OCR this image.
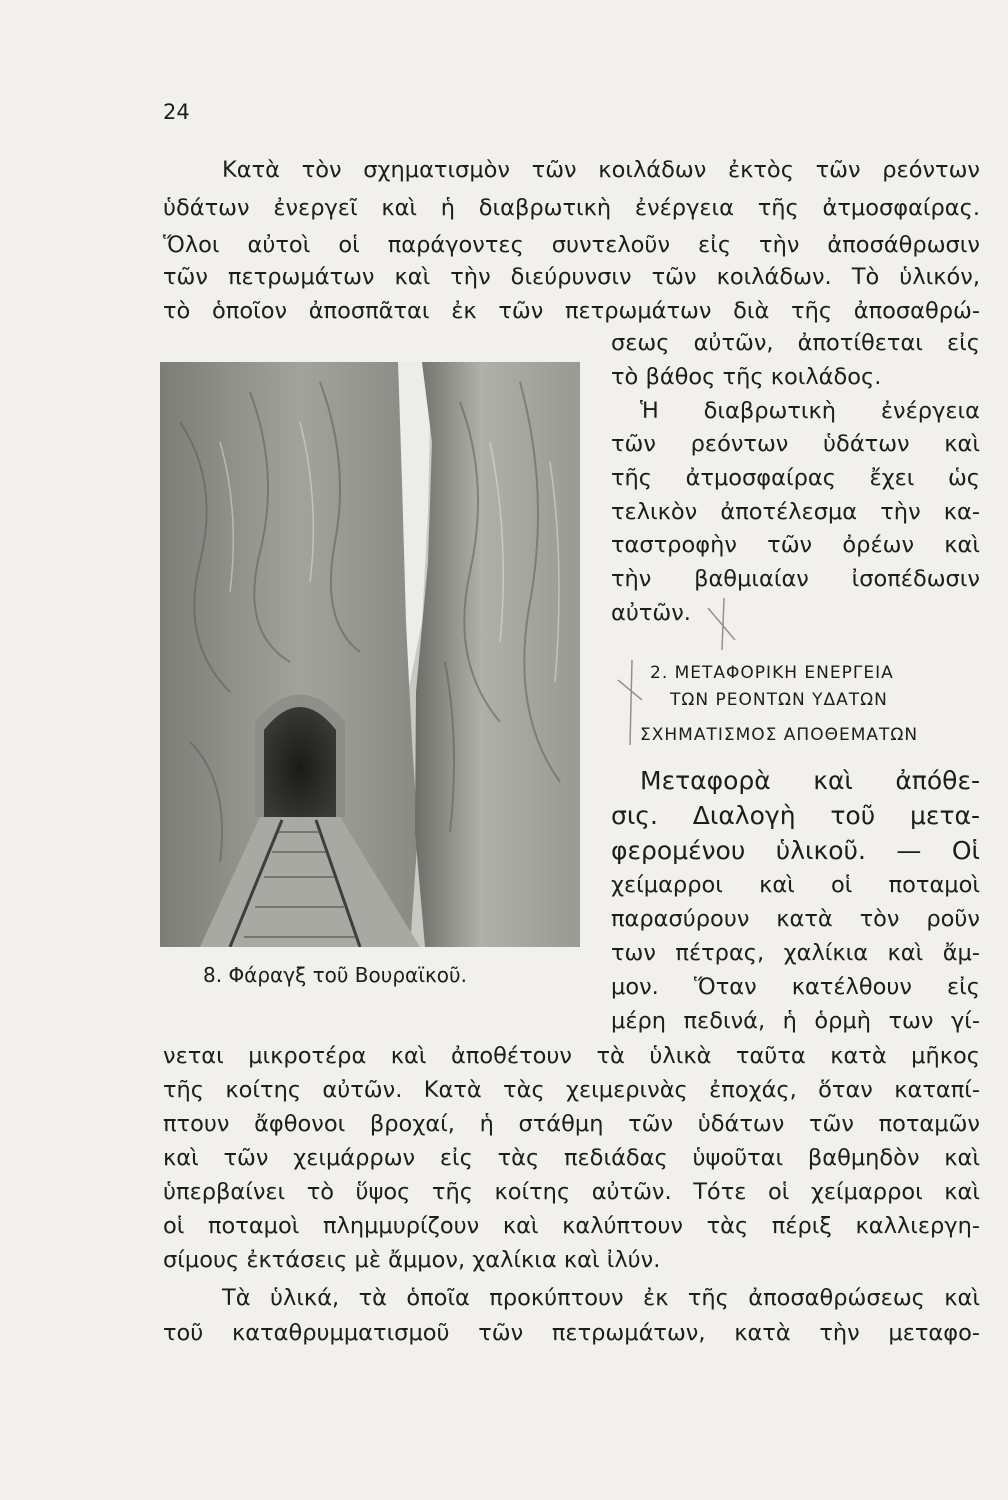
24
Κατὰ τὸν σχηματισμὸν τῶν κοιλάδων ἐκτὸς τῶν ρεόντων
ὑδάτων ἐνεργεῖ καὶ ἡ διαβρωτικὴ ἐνέργεια τῆς ἀτμοσφαίρας.
Ὅλοι αὐτοὶ οἱ παράγοντες συντελοῦν εἰς τὴν ἀποσάθρωσιν
τῶν πετρωμάτων καὶ τὴν διεύρυνσιν τῶν κοιλάδων. Τὸ ὑλικόν,
τὸ ὁποῖον ἀποσπᾶται ἐκ τῶν πετρωμάτων διὰ τῆς ἀποσαθρώ-
σεως αὐτῶν, ἀποτίθεται εἰς
τὸ βάθος τῆς κοιλάδος.
Ἡ διαβρωτικὴ ἐνέργεια
τῶν ρεόντων ὑδάτων καὶ
τῆς ἀτμοσφαίρας ἔχει ὡς
τελικὸν ἀποτέλεσμα τὴν κα-
ταστροφὴν τῶν ὀρέων καὶ
τὴν βαθμιαίαν ἰσοπέδωσιν
αὐτῶν.
2. ΜΕΤΑΦΟΡΙΚΗ ΕΝΕΡΓΕΙΑ
ΤΩΝ ΡΕΟΝΤΩΝ ΥΔΑΤΩΝ
ΣΧΗΜΑΤΙΣΜΟΣ ΑΠΟΘΕΜΑΤΩΝ
Μεταφορὰ καὶ ἀπόθε-
σις. Διαλογὴ τοῦ μετα-
φερομένου ὑλικοῦ. — Οἱ
χείμαρροι καὶ οἱ ποταμοὶ
παρασύρουν κατὰ τὸν ροῦν
των πέτρας, χαλίκια καὶ ἄμ-
μον. Ὅταν κατέλθουν εἰς
μέρη πεδινά, ἡ ὁρμὴ των γί-
νεται μικροτέρα καὶ ἀποθέτουν τὰ ὑλικὰ ταῦτα κατὰ μῆκος
τῆς κοίτης αὐτῶν. Κατὰ τὰς χειμερινὰς ἐποχάς, ὅταν καταπί-
πτουν ἄφθονοι βροχαί, ἡ στάθμη τῶν ὑδάτων τῶν ποταμῶν
καὶ τῶν χειμάρρων εἰς τὰς πεδιάδας ὑψοῦται βαθμηδὸν καὶ
ὑπερβαίνει τὸ ὕψος τῆς κοίτης αὐτῶν. Τότε οἱ χείμαρροι καὶ
οἱ ποταμοὶ πλημμυρίζουν καὶ καλύπτουν τὰς πέριξ καλλιεργη-
σίμους ἐκτάσεις μὲ ἄμμον, χαλίκια καὶ ἰλύν.
Τὰ ὑλικά, τὰ ὁποῖα προκύπτουν ἐκ τῆς ἀποσαθρώσεως καὶ
τοῦ καταθρυμματισμοῦ τῶν πετρωμάτων, κατὰ τὴν μεταφο-
8. Φάραγξ τοῦ Βουραϊκοῦ.
